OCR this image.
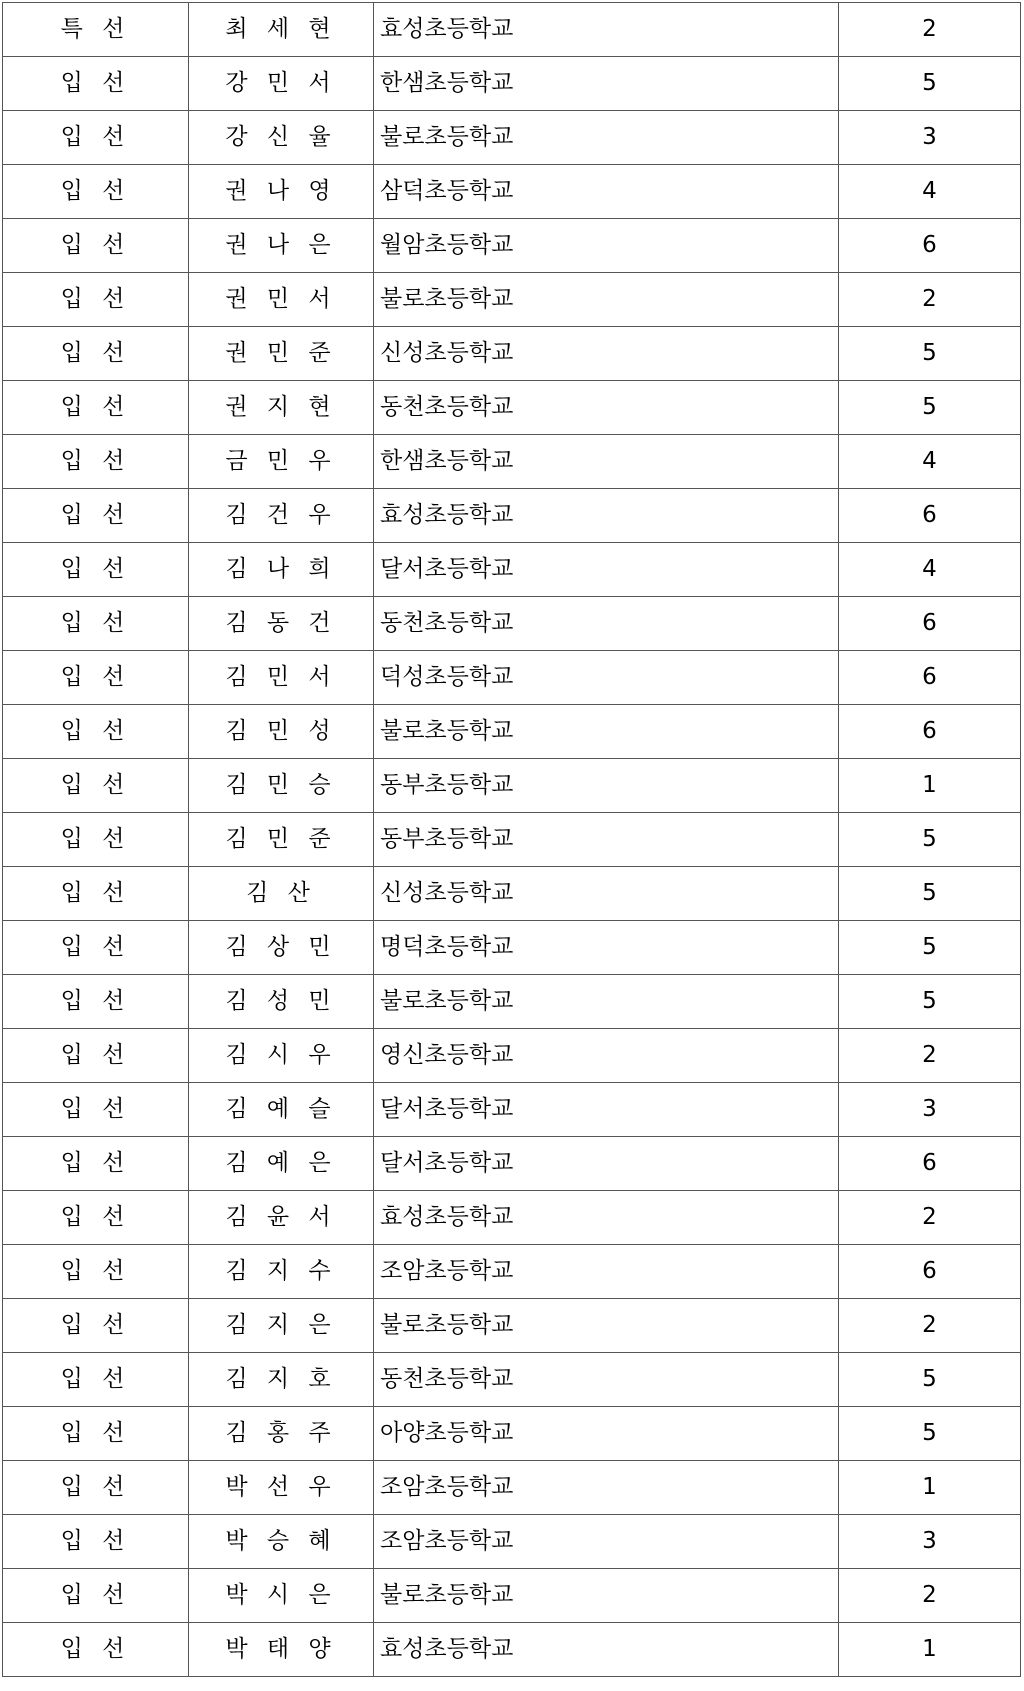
특 선	최 세 현	효성초등학교	2
입 선	강 민 서	한샘초등학교	5
입 선	강 신 율	불로초등학교	3
입 선	권 나 영	삼덕초등학교	4
입 선	권 나 은	월암초등학교	6
입 선	권 민 서	불로초등학교	2
입 선	권 민 준	신성초등학교	5
입 선	권 지 현	동천초등학교	5
입 선	금 민 우	한샘초등학교	4
입 선	김 건 우	효성초등학교	6
입 선	김 나 희	달서초등학교	4
입 선	김 동 건	동천초등학교	6
입 선	김 민 서	덕성초등학교	6
입 선	김 민 성	불로초등학교	6
입 선	김 민 승	동부초등학교	1
입 선	김 민 준	동부초등학교	5
입 선	김 산	신성초등학교	5
입 선	김 상 민	명덕초등학교	5
입 선	김 성 민	불로초등학교	5
입 선	김 시 우	영신초등학교	2
입 선	김 예 슬	달서초등학교	3
입 선	김 예 은	달서초등학교	6
입 선	김 윤 서	효성초등학교	2
입 선	김 지 수	조암초등학교	6
입 선	김 지 은	불로초등학교	2
입 선	김 지 호	동천초등학교	5
입 선	김 홍 주	아양초등학교	5
입 선	박 선 우	조암초등학교	1
입 선	박 승 혜	조암초등학교	3
입 선	박 시 은	불로초등학교	2
입 선	박 태 양	효성초등학교	1
